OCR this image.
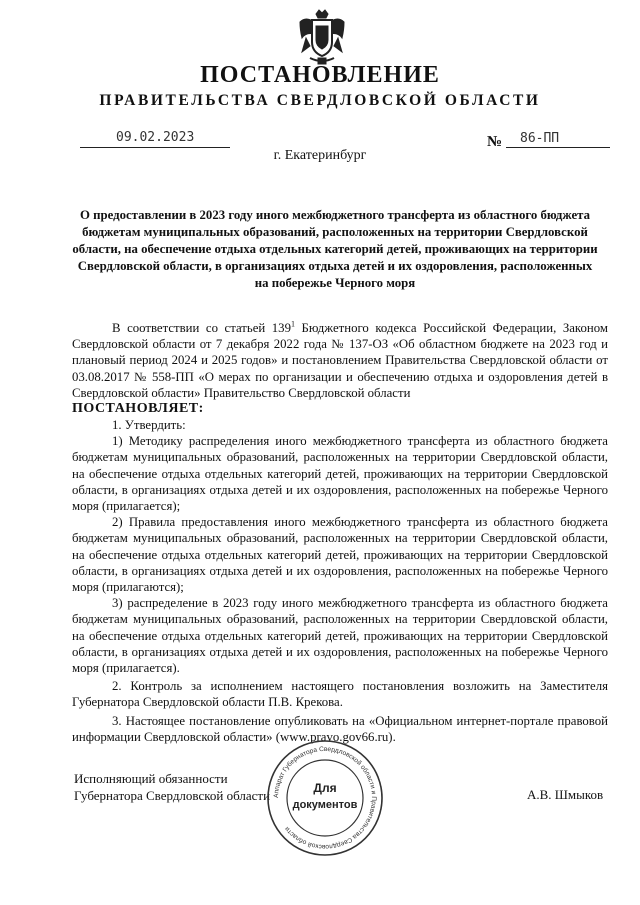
ПОСТАНОВЛЕНИЕ
ПРАВИТЕЛЬСТВА СВЕРДЛОВСКОЙ ОБЛАСТИ
09.02.2023	№ 86-ПП
г. Екатеринбург
О предоставлении в 2023 году иного межбюджетного трансферта из областного бюджета бюджетам муниципальных образований, расположенных на территории Свердловской области, на обеспечение отдыха отдельных категорий детей, проживающих на территории Свердловской области, в организациях отдыха детей и их оздоровления, расположенных на побережье Черного моря

В соответствии со статьей $139^1$ Бюджетного кодекса Российской Федерации, Законом Свердловской области от 7 декабря 2022 года № 137-ОЗ «Об областном бюджете на 2023 год и плановый период 2024 и 2025 годов» и постановлением Правительства Свердловской области от 03.08.2017 № 558-ПП «О мерах по организации и обеспечению отдыха и оздоровления детей в Свердловской области» Правительство Свердловской области

ПОСТАНОВЛЯЕТ:

1. Утвердить:

1) Методику распределения иного межбюджетного трансферта из областного бюджета бюджетам муниципальных образований, расположенных на территории Свердловской области, на обеспечение отдыха отдельных категорий детей, проживающих на территории Свердловской области, в организациях отдыха детей и их оздоровления, расположенных на побережье Черного моря (прилагается);

2) Правила предоставления иного межбюджетного трансферта из областного бюджета бюджетам муниципальных образований, расположенных на территории Свердловской области, на обеспечение отдыха отдельных категорий детей, проживающих на территории Свердловской области, в организациях отдыха детей и их оздоровления, расположенных на побережье Черного моря (прилагаются);

3) распределение в 2023 году иного межбюджетного трансферта из областного бюджета бюджетам муниципальных образований, расположенных на территории Свердловской области, на обеспечение отдыха отдельных категорий детей, проживающих на территории Свердловской области, в организациях отдыха детей и их оздоровления, расположенных на побережье Черного моря (прилагается).

2. Контроль за исполнением настоящего постановления возложить на Заместителя Губернатора Свердловской области П.В. Крекова.

3. Настоящее постановление опубликовать на «Официальном интернет-портале правовой информации Свердловской области» (www.pravo.gov66.ru).

Исполняющий обязанности
Губернатора Свердловской области	А.В. Шмыков
Аппарат Губернатора Свердловской области и Правительства Свердловской области
Для
документов
